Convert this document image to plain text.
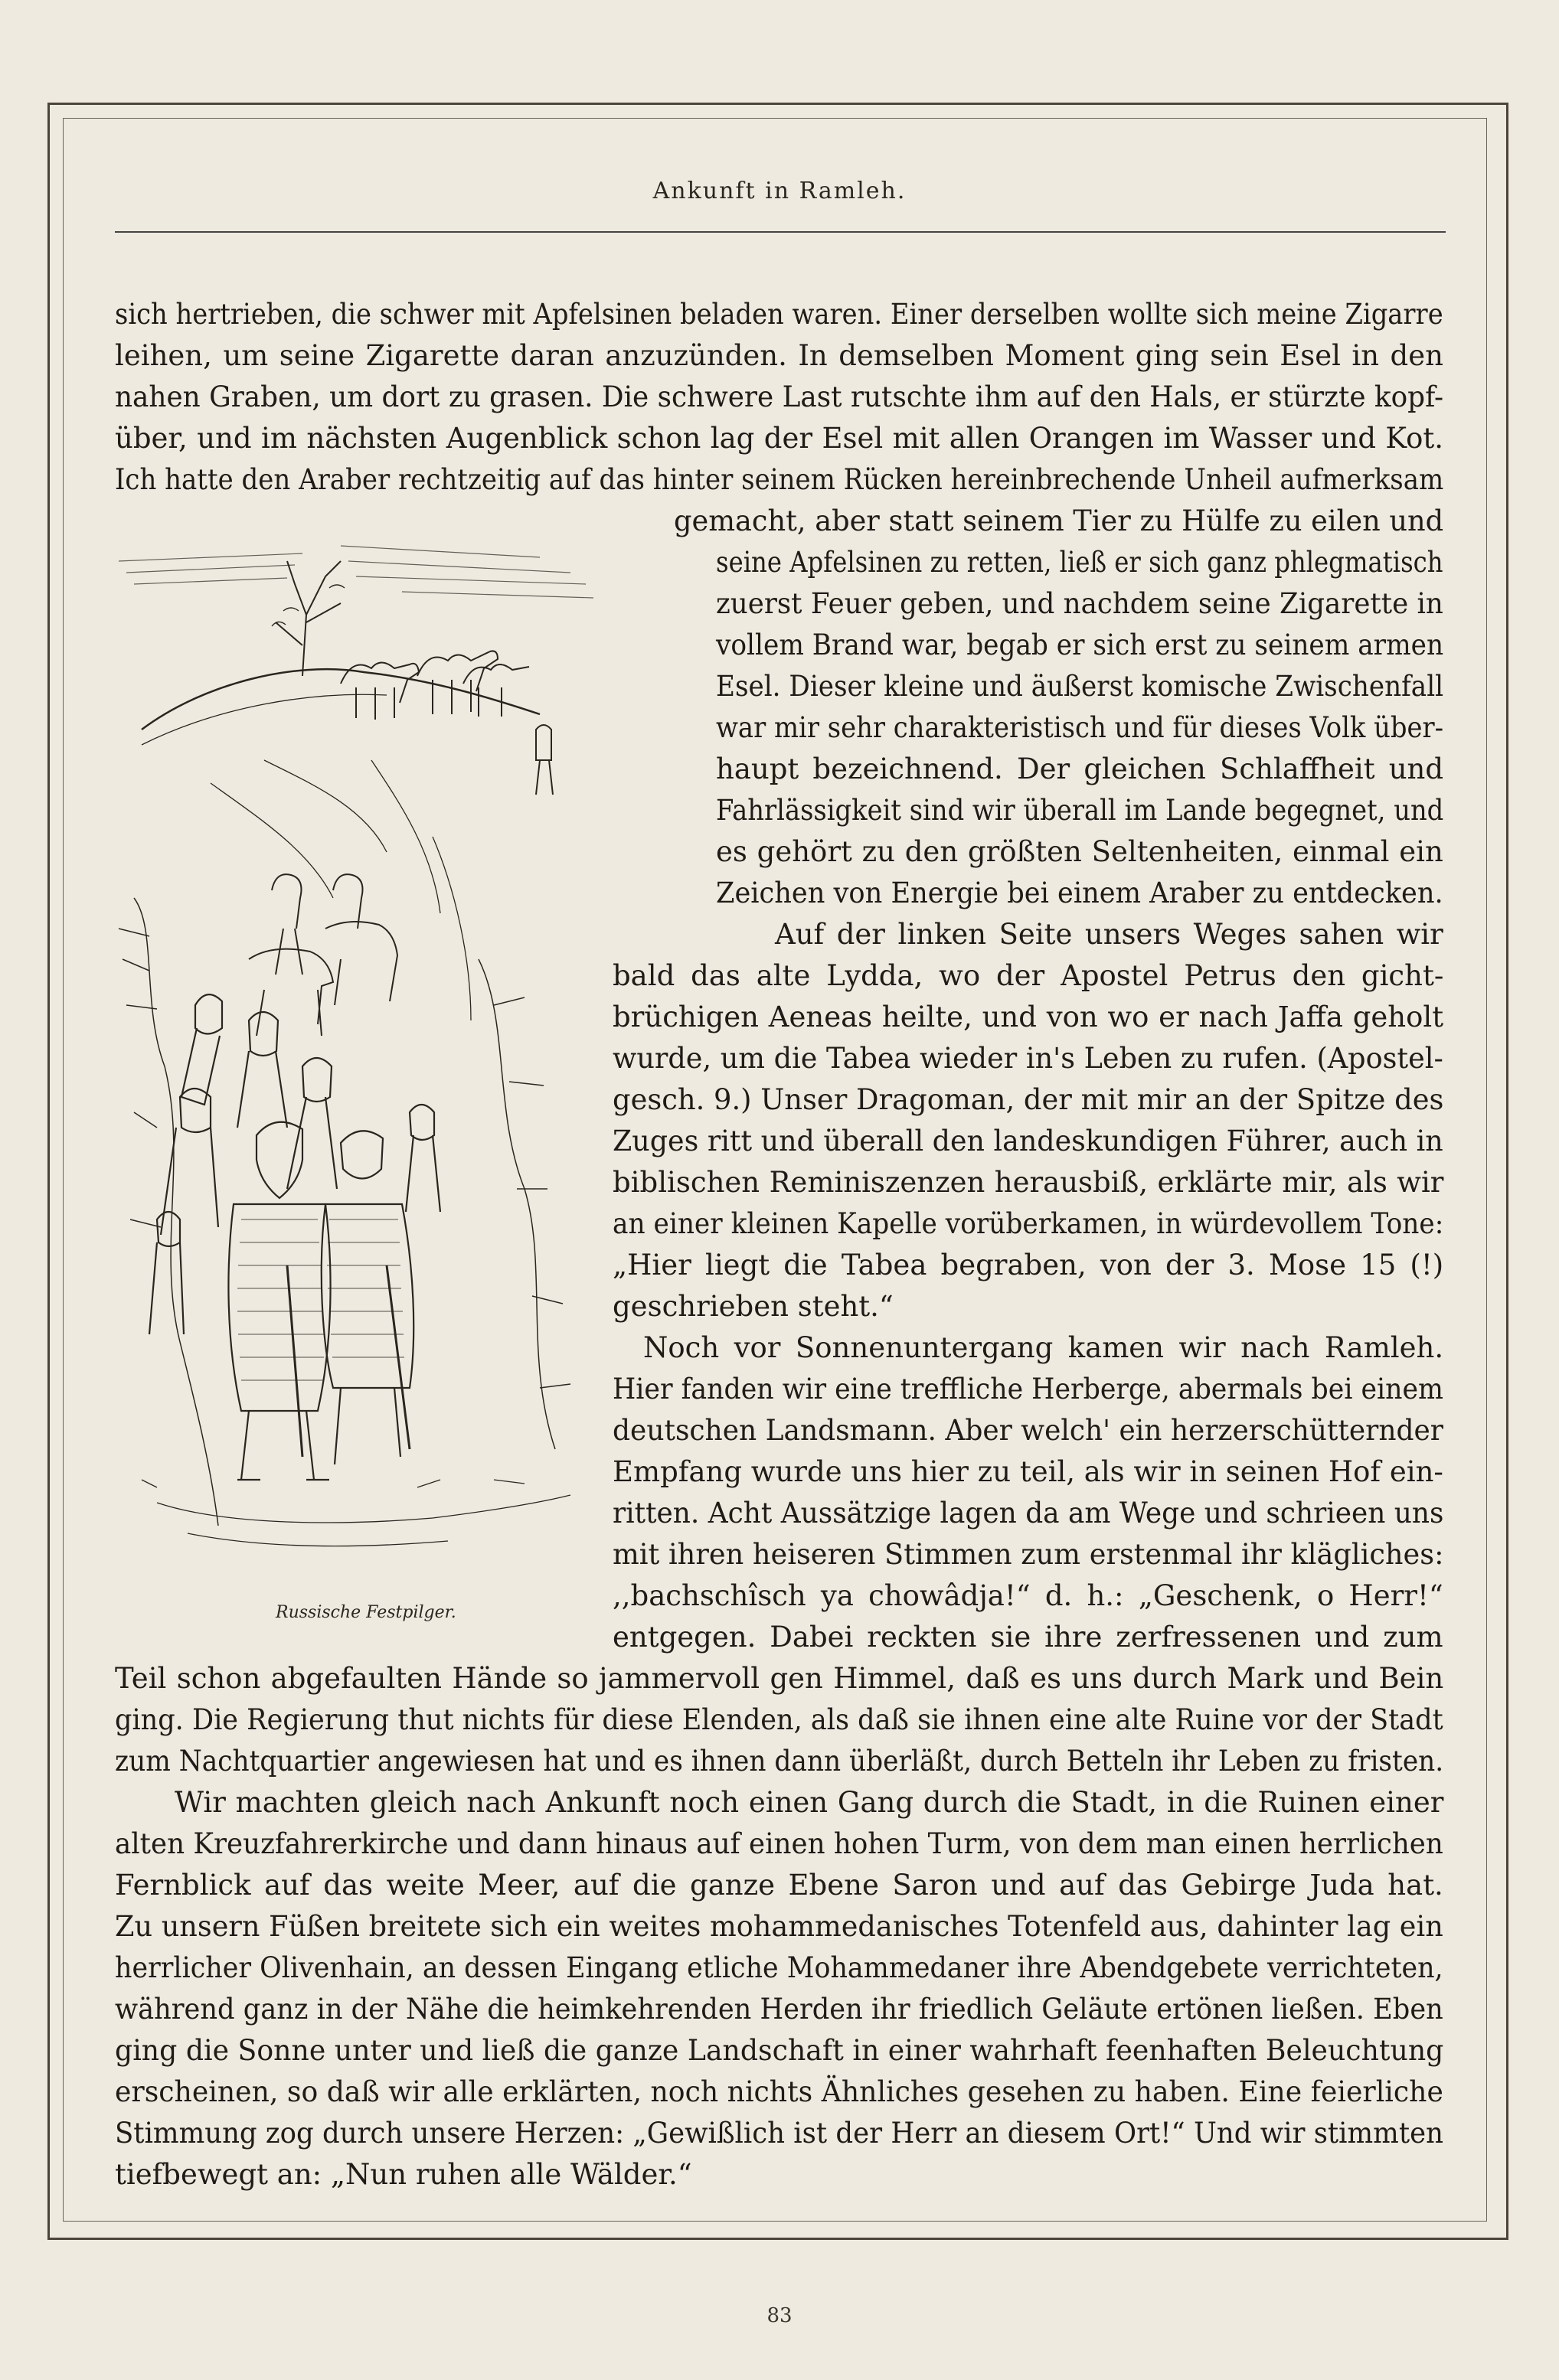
Ankunft in Ramleh.
Russische Festpilger.
sich hertrieben, die schwer mit Apfelsinen beladen waren. Einer derselben wollte sich meine Zigarre
leihen, um seine Zigarette daran anzuzünden. In demselben Moment ging sein Esel in den
nahen Graben, um dort zu grasen. Die schwere Last rutschte ihm auf den Hals, er stürzte kopf-
über, und im nächsten Augenblick schon lag der Esel mit allen Orangen im Wasser und Kot.
Ich hatte den Araber rechtzeitig auf das hinter seinem Rücken hereinbrechende Unheil aufmerksam
gemacht, aber statt seinem Tier zu Hülfe zu eilen und
seine Apfelsinen zu retten, ließ er sich ganz phlegmatisch
zuerst Feuer geben, und nachdem seine Zigarette in
vollem Brand war, begab er sich erst zu seinem armen
Esel. Dieser kleine und äußerst komische Zwischenfall
war mir sehr charakteristisch und für dieses Volk über-
haupt bezeichnend. Der gleichen Schlaffheit und
Fahrlässigkeit sind wir überall im Lande begegnet, und
es gehört zu den größten Seltenheiten, einmal ein
Zeichen von Energie bei einem Araber zu entdecken.
Auf der linken Seite unsers Weges sahen wir
bald das alte Lydda, wo der Apostel Petrus den gicht-
brüchigen Aeneas heilte, und von wo er nach Jaffa geholt
wurde, um die Tabea wieder in's Leben zu rufen. (Apostel-
gesch. 9.) Unser Dragoman, der mit mir an der Spitze des
Zuges ritt und überall den landeskundigen Führer, auch in
biblischen Reminiszenzen herausbiß, erklärte mir, als wir
an einer kleinen Kapelle vorüberkamen, in würdevollem Tone:
„Hier liegt die Tabea begraben, von der 3. Mose 15 (!)
geschrieben steht.“
Noch vor Sonnenuntergang kamen wir nach Ramleh.
Hier fanden wir eine treffliche Herberge, abermals bei einem
deutschen Landsmann. Aber welch' ein herzerschütternder
Empfang wurde uns hier zu teil, als wir in seinen Hof ein-
ritten. Acht Aussätzige lagen da am Wege und schrieen uns
mit ihren heiseren Stimmen zum erstenmal ihr klägliches:
,,bachschîsch ya chowâdja!“ d. h.: „Geschenk, o Herr!“
entgegen. Dabei reckten sie ihre zerfressenen und zum
Teil schon abgefaulten Hände so jammervoll gen Himmel, daß es uns durch Mark und Bein
ging. Die Regierung thut nichts für diese Elenden, als daß sie ihnen eine alte Ruine vor der Stadt
zum Nachtquartier angewiesen hat und es ihnen dann überläßt, durch Betteln ihr Leben zu fristen.
Wir machten gleich nach Ankunft noch einen Gang durch die Stadt, in die Ruinen einer
alten Kreuzfahrerkirche und dann hinaus auf einen hohen Turm, von dem man einen herrlichen
Fernblick auf das weite Meer, auf die ganze Ebene Saron und auf das Gebirge Juda hat.
Zu unsern Füßen breitete sich ein weites mohammedanisches Totenfeld aus, dahinter lag ein
herrlicher Olivenhain, an dessen Eingang etliche Mohammedaner ihre Abendgebete verrichteten,
während ganz in der Nähe die heimkehrenden Herden ihr friedlich Geläute ertönen ließen. Eben
ging die Sonne unter und ließ die ganze Landschaft in einer wahrhaft feenhaften Beleuchtung
erscheinen, so daß wir alle erklärten, noch nichts Ähnliches gesehen zu haben. Eine feierliche
Stimmung zog durch unsere Herzen: „Gewißlich ist der Herr an diesem Ort!“ Und wir stimmten
tiefbewegt an: „Nun ruhen alle Wälder.“
83
